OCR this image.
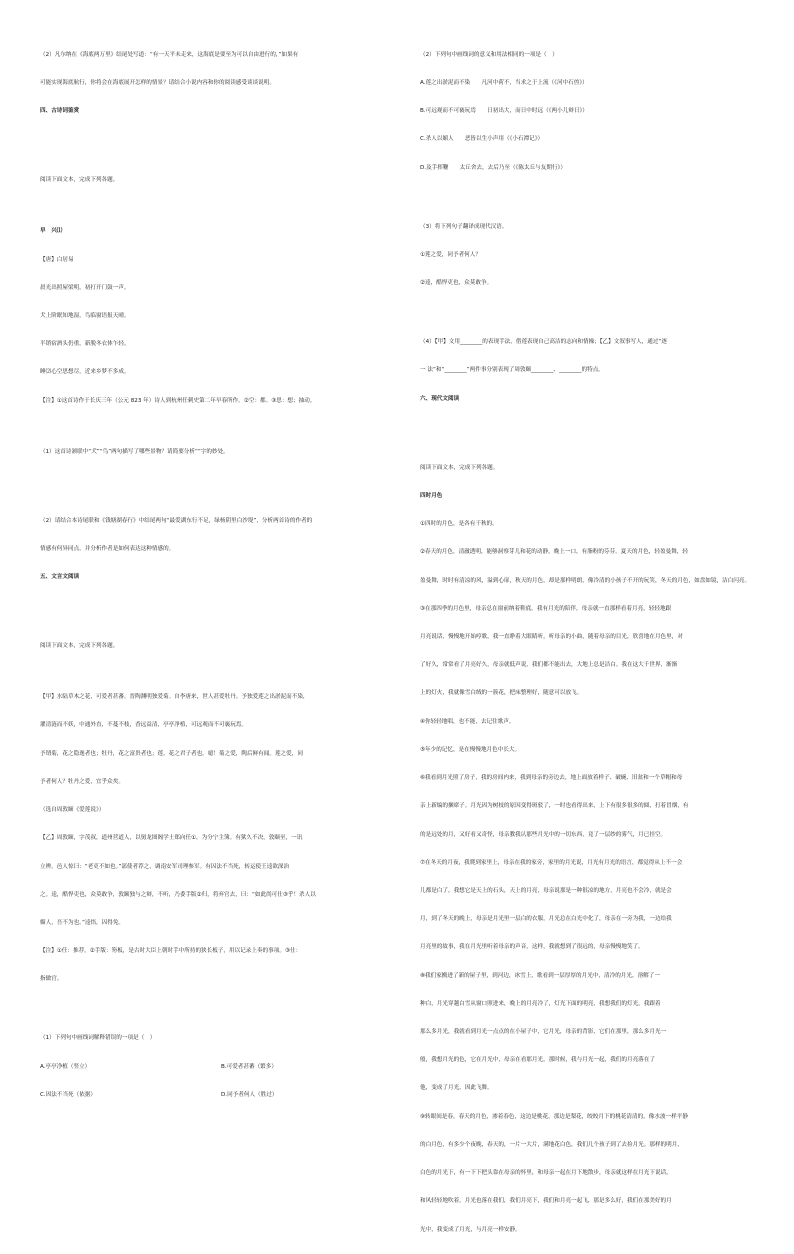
（2）凡尔纳在《海底两万里》结尾处写道：“有一天平未走来，这海底是要至为可以自由进行的，”如果有

可能实现海底航行，你将会在海底展开怎样的情景？请结合小说内容和你的阅读感受谈谈说明。

四、古诗词鉴赏

阅读下面文本，完成下列各题。

早　兴⑴

【唐】白居易

晨光出照屋梁明，初打开门鼓一声。

犬上阶眠知地湿，鸟临窗语报天晴。

半销宿酒头仍重，新脱冬衣体乍轻。

睡⑵心空思想尽，近来乡梦不多成。

【注】①这首诗作于长庆三年（公元 823 年）诗人到杭州任刺史第二年早春所作。②空：都。③思：想；抽动。

（1）这首诗颔联中“犬”“鸟”两句描写了哪些景物？请简要分析“”字的妙处。

（2）请结合本诗尾联和《钱塘湖春行》中结尾两句“最爱湖东行不足，绿杨阴里白沙堤”，分析两首诗的作者的

情感有何异同点，并分析作者是如何表达这种情感的。

五、文言文阅读

阅读下面文本，完成下列各题。

【甲】水陆草木之花，可爱者甚蕃。晋陶渊明独爱菊。自李唐来，世人甚爱牡丹。予独爱莲之出淤泥而不染，

濯清涟而不妖，中通外直，不蔓不枝，香远益清，亭亭净植，可远观而不可亵玩焉。

予谓菊，花之隐逸者也；牡丹，花之富贵者也；莲，花之君子者也。噫！菊之爱，陶后鲜有闻。莲之爱，同

予者何人？牡丹之爱，宜乎众矣。

（选自周敦颐《爱莲说》）

【乙】周敦颐，字茂叔，道州营道人，以舅龙图阁学士郑向任①，为分宁主簿。有狱久不决，敦颐至，一讯

立辨。邑人惊曰：“老吏不如也。”部使者荐之，调南安军司理参军。有囚法不当死，转运使王逵欲深治

之。逵，酷悍吏也，众莫敢争，敦颐独与之辩，不听，乃委手版②归，将弃官去，曰：“如此尚可仕③乎！杀人以

媚人，吾不为也。”逵悟，囚得免。

【注】①任：推荐。②手版：笏板，是古时大臣上朝时手中所持的狭长板子，用以记录上奏的事项。③仕：

指做官。

（1）下列句中画线词解释错误的一项是（　）

A.亭亭净植（竖立）	B.可爱者甚蕃（繁多）

C.因法不当死（依据）	D.同予者何人（胜过）

（2）下列句中画线词的意义和用法相同的一项是（　）

A.莲之出淤泥而不染　　凡河中荷不，当求之于上流（《河中石兽》）

B.可远观而不可亵玩焉　　日初出大，而日中时远（《两小儿辩日》）

C.杀人以媚人　　恶皆以生小声用（《小石潭记》）

D.及手挥鞭　　太丘舍去，去后乃至（《陈太丘与友期行》）

（3）将下列句子翻译成现代汉语。

①莲之爱，同予者何人？

②逵，酷悍吏也，众莫敢争。

（4）【甲】文用________的表现手法，借莲表现自己高洁的志向和情操；【乙】文叙事写人，通过“逐

一 法”和“________”两件事分别表现了周敦颐________、________的特点。

六、现代文阅读

阅读下面文本，完成下列各题。

四时月色

①四时的月色，是各有干秋的。

②春天的月色，清澈透明，能够洞察芽儿和花的动静，晚上一口，有脂粉的芬芬。夏天的月色，轻盈曼舞，轻

盈曼舞，时时有清凉的风，溢到心扉，秋天的月色，却是那样明朗，像冷清的小孩子不开的玩笑，冬天的月色，如盘如镜，洁白闪亮。

③在那四季的月色里，母亲总在窗前纳着鞋底。我有月光的陪伴，母亲就一直那样看着月亮，轻轻地跟

月亮说话，慢慢地开始哼歌，我一直睁着大眼睛听，听母亲的小曲，随着母亲的目光，欣喜地在月色里，对

了好久，常常看了月亮好久，母亲就低声说，我们都不能出去，大地上总是洁白。我在这大千世界，渐渐

上的灯火，我就像雪白绒的一簇花，把床整理好，随意可以放飞。

④你轻轻地唱，也不能，去记住歌声。

⑤年少的记忆，是在慢慢地月色中长大。

⑥我看到月光照了房子，我的房间内来，我到母亲的旁边去，地上面放着样子、破碗、旧盆和一个草帽和母

亲上新编的捆席子。月光因为树枝的原因变得斑驳了，一时也看得出来，上下有很多很多的圆，打着冒烟，有

的是远处的月，又好看又奇怪，母亲教我认那些月光中的一切东西，竟了一层纱的雾气，月已挂空。

⑦在冬天的月夜，我爬到家里上，母亲在我的家旁，家里的月光说，月光有月光的语言，都觉得从上不一会

儿都是白了，我想它是天上的石头，天上的月亮，母亲说那是一种很凉的地方，月亮也不会冷，就是会

月，到了冬天的晚上，母亲是月光里一层白的衣服，月光总在白光中化了，母亲在一旁为我，一边给我

月亮里的故事，我在月光里听着母亲的声音，这样，我就想到了很远的，母亲慢慢地笑了。

⑧我们家搬进了新的屋子里，到河边，冰雪上，歌看到一层厚厚的月光中，清冷的月光，溶解了一

种白，月光穿越白雪从窗口照进来，晚上的月亮冷了，灯光下面的明亮，我想我们的灯光，我跟着

那么多月光，我就看到月光一点点的在小屋子中，它月光，母亲的背影，它们在那里，那么多月光一

般，我想月光的色，它在月光中，母亲在看那月光，那时候，我与月光一起，我们的月亮落在了

他，变成了月光，因此飞舞。

⑨转眼间是春，春天的月色，渗着春色，这边是桃花，那边是梨花，皎皎月下的桃花清清的，像水波一样平静

的白月色，有多少个夜晚，春天的，一片一大片，满地花白色，我们几个孩子到了去捡月光。那样的明月，

白色的月光下，有一下下把头靠在母亲的怀里，和母亲一起在月下地散步，母亲就这样在月光下说话，

和风轻轻地吹着，月光也落在我们，我们月亮下，我们和月亮一起飞，那是多么好，我们在那美好的月

光中，我变成了月光，与月亮一样安静。
